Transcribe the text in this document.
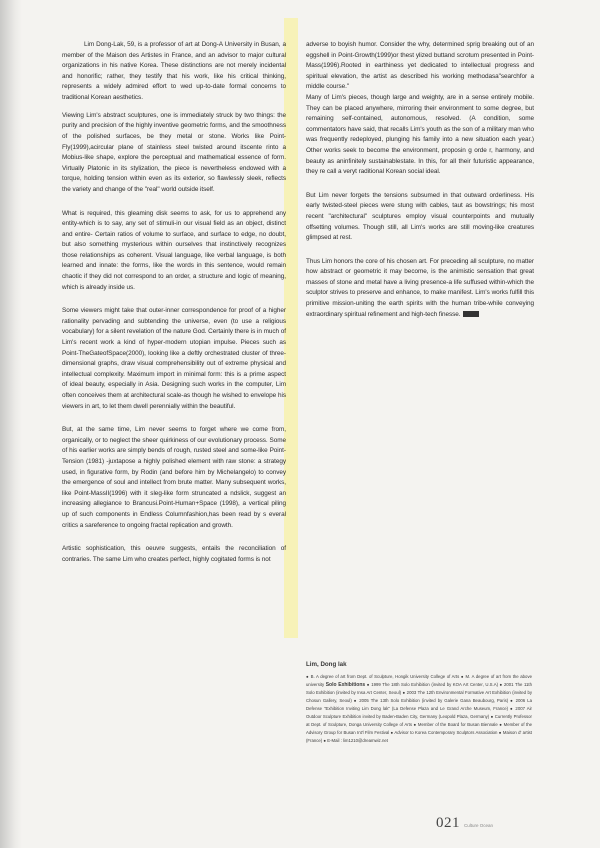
Lim Dong-Lak, 59, is a professor of art at Dong-A University in Busan, a member of the Maison des Artistes in France, and an advisor to major cultural organizations in his native Korea. These distinctions are not merely incidental and honorific; rather, they testify that his work, like his critical thinking, represents a widely admired effort to wed up-to-date formal concerns to traditional Korean aesthetics.

Viewing Lim's abstract sculptures, one is immediately struck by two things: the purity and precision of the highly inventive geometric forms, and the smoothness of the polished surfaces, be they metal or stone. Works like Point-Fly(1999),acircular plane of stainless steel twisted around itscente rinto a Mobius-like shape, explore the perceptual and mathematical essence of form. Virtually Platonic in its stylization, the piece is nevertheless endowed with a torque, holding tension within even as its exterior, so flawlessly sleek, reflects the variety and change of the "real" world outside itself.

What is required, this gleaming disk seems to ask, for us to apprehend any entity-which is to say, any set of stimuli-in our visual field as an object, distinct and entire- Certain ratios of volume to surface, and surface to edge, no doubt, but also something mysterious within ourselves that instinctively recognizes those relationships as coherent. Visual language, like verbal language, is both learned and innate: the forms, like the words in this sentence, would remain chaotic if they did not correspond to an order, a structure and logic of meaning, which is already inside us.

Some viewers might take that outer-inner correspondence for proof of a higher rationality pervading and subtending the universe, even (to use a religious vocabulary) for a silent revelation of the nature God. Certainly there is in much of Lim's recent work a kind of hyper-modern utopian impulse. Pieces such as Point-TheGateofSpace(2000), looking like a deftly orchestrated cluster of three-dimensional graphs, draw visual comprehensibility out of extreme physical and intellectual complexity. Maximum import in minimal form: this is a prime aspect of ideal beauty, especially in Asia. Designing such works in the computer, Lim often conceives them at architectural scale-as though he wished to envelope his viewers in art, to let them dwell perennially within the beautiful.

But, at the same time, Lim never seems to forget where we come from, organically, or to neglect the sheer quirkiness of our evolutionary process. Some of his earlier works are simply bends of rough, rusted steel and some-like Point-Tension (1981) -juxtapose a highly polished element with raw stone: a strategy used, in figurative form, by Rodin (and before him by Michelangelo) to convey the emergence of soul and intellect from brute matter. Many subsequent works, like Point-MassII(1996) with it sleg-like form struncated a ndslick, suggest an increasing allegiance to Brancusi.Point-Human+Space (1998), a vertical piling up of such components in Endless Columnfashion,has been read by s everal critics a sareference to ongoing fractal replication and growth.

Artistic sophistication, this oeuvre suggests, entails the reconciliation of contraries. The same Lim who creates perfect, highly cogitated forms is not

adverse to boyish humor. Consider the why, determined sprig breaking out of an eggshell in Point-Growth(1999)or thest ylized buttand scrotum presented in Point-Mass(1996).Rooted in earthiness yet dedicated to intellectual progress and spiritual elevation, the artist as described his working methodasa"searchfor a middle course."

Many of Lim's pieces, though large and weighty, are in a sense entirely mobile. They can be placed anywhere, mirroring their environment to some degree, but remaining self-contained, autonomous, resolved. (A condition, some commentators have said, that recalls Lim's youth as the son of a military man who was frequently redeployed, plunging his family into a new situation each year.) Other works seek to become the environment, proposin g orde r, harmony, and beauty as aninfinitely sustainablestate. In this, for all their futuristic appearance, they re call a veryt raditional Korean social ideal.

But Lim never forgets the tensions subsumed in that outward orderliness. His early twisted-steel pieces were stung with cables, taut as bowstrings; his most recent "architectural" sculptures employ visual counterpoints and mutually offsetting volumes. Though still, all Lim's works are still moving-like creatures glimpsed at rest.

Thus Lim honors the core of his chosen art. For preceding all sculpture, no matter how abstract or geometric it may become, is the animistic sensation that great masses of stone and metal have a living presence-a life suffused within-which the sculptor strives to preserve and enhance, to make manifest. Lim's works fulfill this primitive mission-uniting the earth spirits with the human tribe-while conveying extraordinary spiritual refinement and high-tech finesse.

Lim, Dong lak
● B. A degree of art from Dept. of Sculpture, Hongik University College of Arts ● M. A degree of art from the above university Solo Exhibitions ● 1999 The 18th Solo Exhibition (invited by KOA Art Center, U.S.A) ● 2001 The 11th Solo Exhibition (invited by Insa Art Center, Seoul) ● 2003 The 12th Environmental Formative Art Exhibition (invited by Chosun Gallery, Seoul) ● 2005 The 13th Solo Exhibition (invited by Galerie Gana Beaubourg, Paris) ● 2006 La Defense "Exhibition Inviting Lim Dong lak" (La Defense Plaza and Le Grand Arche Museum, France) ● 2007 Air Outdoor Sculpture Exhibition invited by Baden-Baden City, Germany (Leopold Plaza, Germany) ● Currently Professor at Dept. of Sculpture, Donga University College of Arts ● Member of the Board for Busan Biennale ● Member of the Advisory Group for Busan Int'l Film Festival ● Advisor to Korea Contemporary Sculptors Association ● Maison d' artist (France) ● E-Mail : lim1210@dreamwiz.net
021 Culture Ocean
